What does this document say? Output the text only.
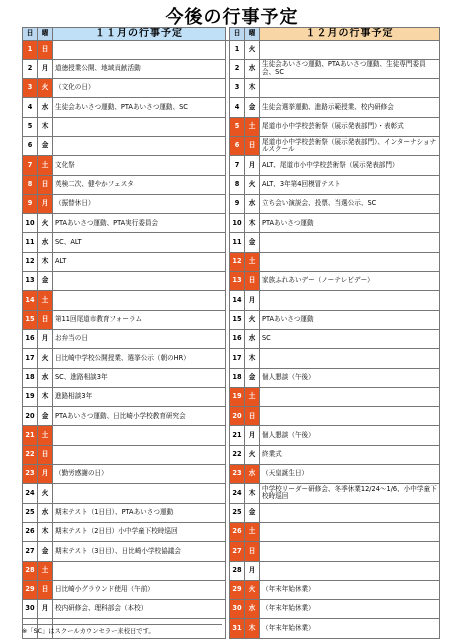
今後の行事予定
日	曜	１１月の行事予定		日	曜	１２月の行事予定
1	日			1	火	
2	月	道徳授業公開、地域貢献活動		2	水	生徒会あいさつ運動、PTAあいさつ運動、生徒専門委員会、SC
3	火	（文化の日）		3	木	
4	水	生徒会あいさつ運動、PTAあいさつ運動、SC		4	金	生徒会選挙運動、進路示範授業、校内研修会
5	木			5	土	尾道市小中学校芸術祭（展示発表部門）・表彰式
6	金			6	日	尾道市小中学校芸術祭（展示発表部門）、インターナショナルスクール
7	土	文化祭		7	月	ALT、尾道市小中学校芸術祭（展示発表部門）
8	日	英検二次、健やかフェスタ		8	火	ALT、3年第4回模冒テスト
9	月	（振替休日）		9	水	立ち会い演説会、投票、当選公示、SC
10	火	PTAあいさつ運動、PTA実行委員会		10	木	PTAあいさつ運動
11	水	SC、ALT		11	金	
12	木	ALT		12	土	
13	金			13	日	家族ふれあいデー（ノーテレビデー）
14	土			14	月	
15	日	第11回尾道市教育フォーラム		15	火	PTAあいさつ運動
16	月	お弁当の日		16	水	SC
17	火	日比崎中学校公開授業、選挙公示（朝のHR）		17	木	
18	水	SC、進路相談3年		18	金	個人懇談（午後）
19	木	進路相談3年		19	土	
20	金	PTAあいさつ運動、日比崎小学校教育研究会		20	日	
21	土			21	月	個人懇談（午後）
22	日			22	火	終業式
23	月	（勤労感謝の日）		23	水	（天皇誕生日）
24	火			24	木	中学校リーダー研修会、冬季休業12/24～1/6、小中学童下校時巡回
25	水	期末テスト（1日目）、PTAあいさつ運動		25	金	
26	木	期末テスト（2日目）小中学童下校時巡回		26	土	
27	金	期末テスト（3日目）、日比崎小学校協議会		27	日	
28	土			28	月	
29	日	日比崎小グラウンド使用（午前）		29	火	（年末年始休業）
30	月	校内研修会、理科部会（本校）		30	水	（年末年始休業）
				31	木	（年末年始休業）
※「SC」はスクールカウンセラー来校日です。
